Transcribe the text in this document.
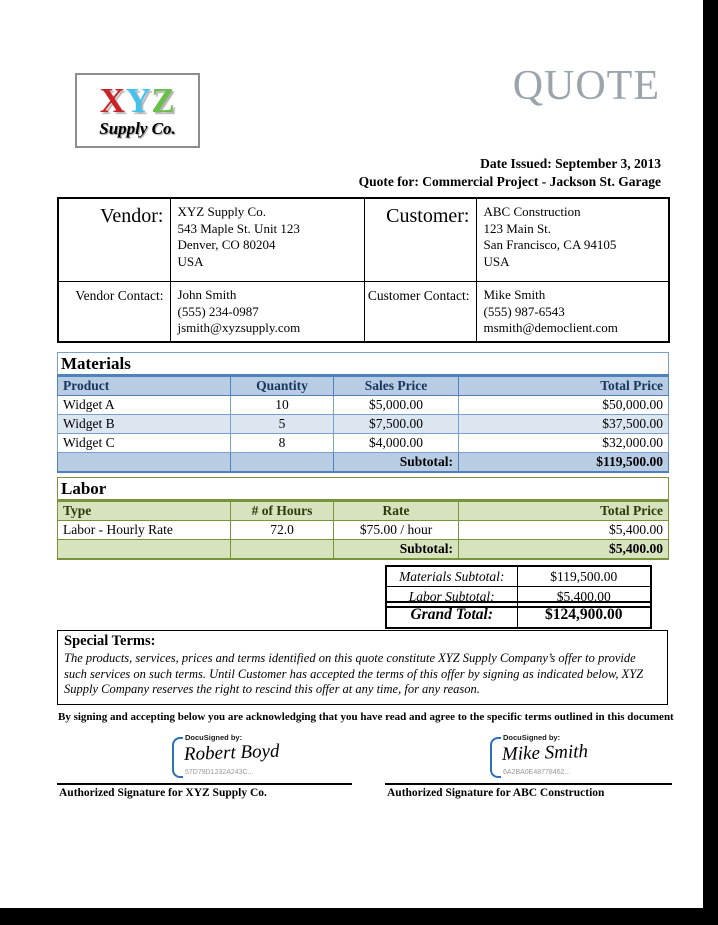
XYZ
Supply Co.
QUOTE
Date Issued: September 3, 2013
Quote for: Commercial Project - Jackson St. Garage
Vendor:	XYZ Supply Co.
543 Maple St. Unit 123
Denver, CO 80204
USA
	Customer:	ABC Construction
123 Main St.
San Francisco, CA 94105
USA

Vendor Contact:	John Smith
(555) 234-0987
jsmith@xyzsupply.com
	Customer Contact:	Mike Smith
(555) 987-6543
msmith@democlient.com
Materials			
Product	Quantity	Sales Price	Total Price
Widget A	10	$5,000.00	$50,000.00
Widget B	5	$7,500.00	$37,500.00
Widget C	8	$4,000.00	$32,000.00
		Subtotal:	$119,500.00
Labor			
Type	# of Hours	Rate	Total Price
Labor - Hourly Rate	72.0	$75.00 / hour	$5,400.00
		Subtotal:	$5,400.00
Materials Subtotal:	$119,500.00
Labor Subtotal:	$5,400.00
Grand Total:	$124,900.00
Special Terms:
The products, services, prices and terms identified on this quote constitute XYZ Supply Company’s offer to provide such services on such terms. Until Customer has accepted the terms of this offer by signing as indicated below, XYZ Supply Company reserves the right to rescind this offer at any time, for any reason.
By signing and accepting below you are acknowledging that you have read and agree to the specific terms outlined in this document
DocuSigned by:
Robert Boyd
57D79D1232A243C...
DocuSigned by:
Mike Smith
6A2BA0E48778462...
Authorized Signature for XYZ Supply Co.	Authorized Signature for ABC Construction
